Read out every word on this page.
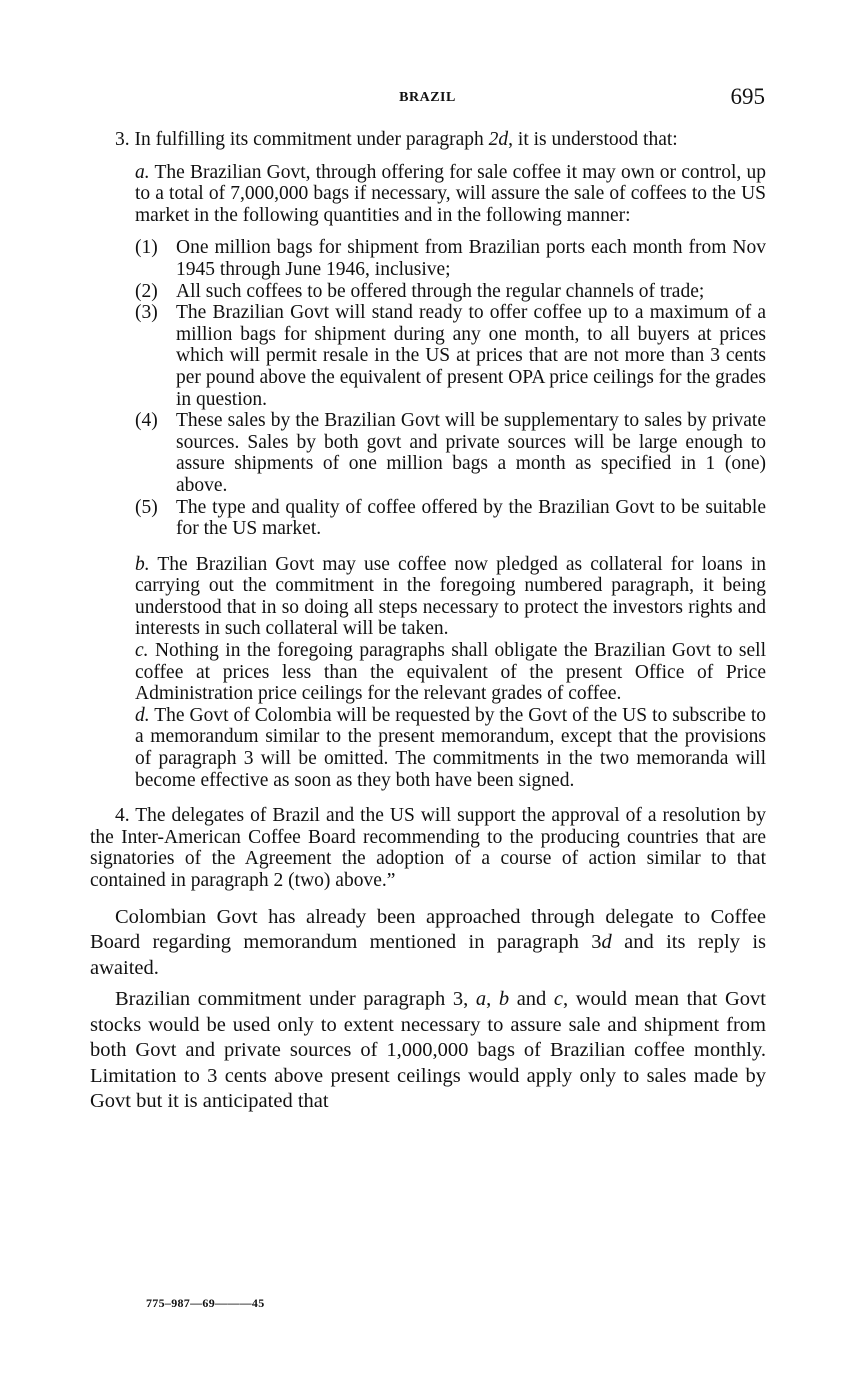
BRAZIL	695

3. In fulfilling its commitment under paragraph 2d, it is understood that:

a. The Brazilian Govt, through offering for sale coffee it may own or control, up to a total of 7,000,000 bags if necessary, will assure the sale of coffees to the US market in the following quantities and in the following manner:

(1) One million bags for shipment from Brazilian ports each month from Nov 1945 through June 1946, inclusive;
(2) All such coffees to be offered through the regular channels of trade;
(3) The Brazilian Govt will stand ready to offer coffee up to a maximum of a million bags for shipment during any one month, to all buyers at prices which will permit resale in the US at prices that are not more than 3 cents per pound above the equivalent of present OPA price ceilings for the grades in question.
(4) These sales by the Brazilian Govt will be supplementary to sales by private sources. Sales by both govt and private sources will be large enough to assure shipments of one million bags a month as specified in 1 (one) above.
(5) The type and quality of coffee offered by the Brazilian Govt to be suitable for the US market.

b. The Brazilian Govt may use coffee now pledged as collateral for loans in carrying out the commitment in the foregoing numbered paragraph, it being understood that in so doing all steps necessary to protect the investors rights and interests in such collateral will be taken.

c. Nothing in the foregoing paragraphs shall obligate the Brazilian Govt to sell coffee at prices less than the equivalent of the present Office of Price Administration price ceilings for the relevant grades of coffee.

d. The Govt of Colombia will be requested by the Govt of the US to subscribe to a memorandum similar to the present memorandum, except that the provisions of paragraph 3 will be omitted. The commitments in the two memoranda will become effective as soon as they both have been signed.

4. The delegates of Brazil and the US will support the approval of a resolution by the Inter-American Coffee Board recommending to the producing countries that are signatories of the Agreement the adoption of a course of action similar to that contained in paragraph 2 (two) above.”

Colombian Govt has already been approached through delegate to Coffee Board regarding memorandum mentioned in paragraph 3d and its reply is awaited.

Brazilian commitment under paragraph 3, a, b and c, would mean that Govt stocks would be used only to extent necessary to assure sale and shipment from both Govt and private sources of 1,000,000 bags of Brazilian coffee monthly. Limitation to 3 cents above present ceilings would apply only to sales made by Govt but it is anticipated that

775–987—69———45
